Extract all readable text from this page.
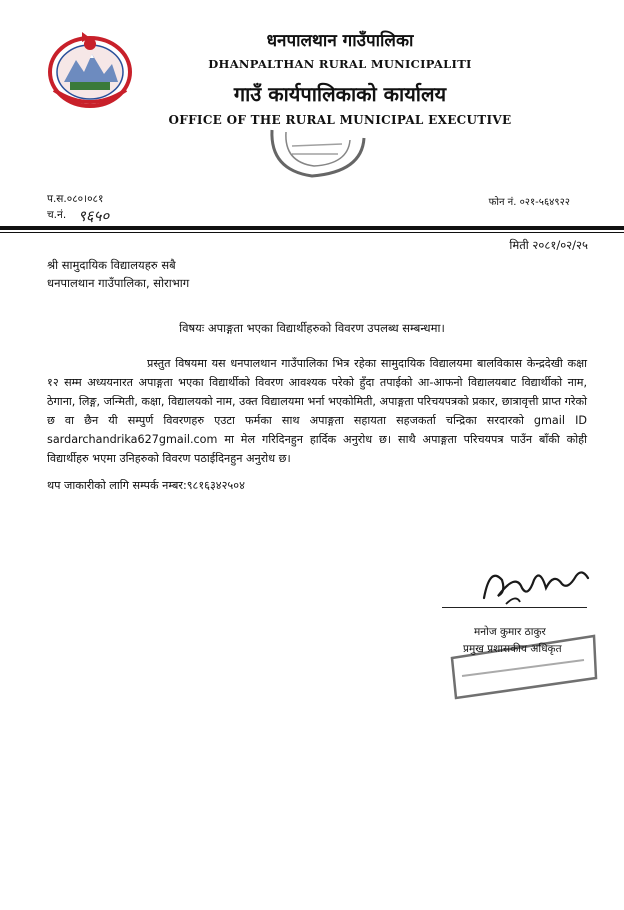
धनपालथान गाउँपालिका
DHANPALTHAN RURAL MUNICIPALITI
गाउँ कार्यपालिकाको कार्यालय
OFFICE OF THE RURAL MUNICIPAL EXECUTIVE
प.स.०८०।०८१
च.नं. ९६५०
फोन नं. ०२१-५६४९२२
मिती २०८१/०२/२५
श्री सामुदायिक विद्यालयहरु सबै
धनपालथान गाउँपालिका, सोराभाग
विषयः अपाङ्गता भएका विद्यार्थीहरुको विवरण उपलब्ध सम्बन्धमा।
प्रस्तुत विषयमा यस धनपालथान गाउँपालिका भित्र रहेका सामुदायिक विद्यालयमा बालविकास केन्द्रदेखी कक्षा १२ सम्म अध्ययनारत अपाङ्गता भएका विद्यार्थीको विवरण आवश्यक परेको हुँदा तपाईको आ-आफनो विद्यालयबाट विद्यार्थीको नाम, ठेगाना, लिङ्ग, जन्मिती, कक्षा, विद्यालयको नाम, उक्त विद्यालयमा भर्ना भएकोमिती, अपाङ्गता परिचयपत्रको प्रकार, छात्रावृत्ती प्राप्त गरेको छ वा छैन यी सम्पुर्ण विवरणहरु एउटा फर्मका साथ अपाङ्गता सहायता सहजकर्ता चन्द्रिका सरदारको gmail ID sardarchandrika627gmail.com मा मेल गरिदिनहुन हार्दिक अनुरोध छ। साथै अपाङ्गता परिचयपत्र पाउँन बाँकी कोही विद्यार्थीहरु भएमा उनिहरुको विवरण पठाईदिनहुन अनुरोध छ।
थप जाकारीको लागि सम्पर्क नम्बर:९८१६३४२५०४
मनोज कुमार ठाकुर
प्रमुख प्रशासकीय अधिकृत
